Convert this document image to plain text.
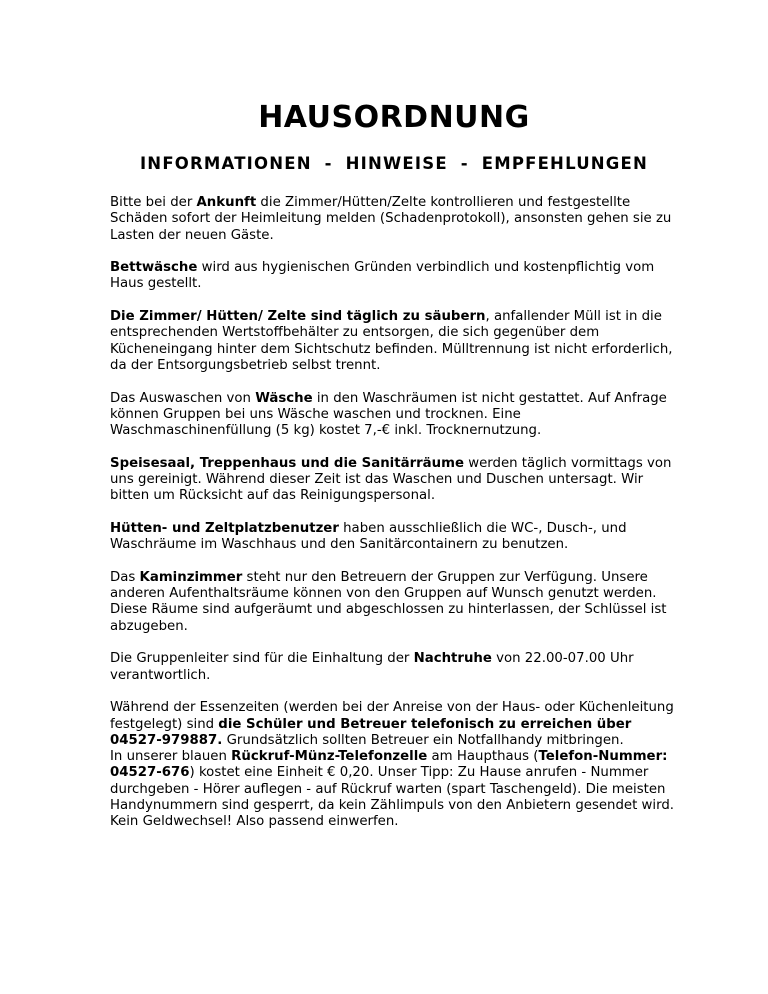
HAUSORDNUNG
INFORMATIONEN - HINWEISE - EMPFEHLUNGEN

Bitte bei der Ankunft die Zimmer/Hütten/Zelte kontrollieren und festgestellte Schäden sofort der Heimleitung melden (Schadenprotokoll), ansonsten gehen sie zu Lasten der neuen Gäste.

Bettwäsche wird aus hygienischen Gründen verbindlich und kostenpflichtig vom Haus gestellt.

Die Zimmer/ Hütten/ Zelte sind täglich zu säubern, anfallender Müll ist in die entsprechenden Wertstoffbehälter zu entsorgen, die sich gegenüber dem Kücheneingang hinter dem Sichtschutz befinden. Mülltrennung ist nicht erforderlich, da der Entsorgungsbetrieb selbst trennt.

Das Auswaschen von Wäsche in den Waschräumen ist nicht gestattet. Auf Anfrage können Gruppen bei uns Wäsche waschen und trocknen. Eine Waschmaschinenfüllung (5 kg) kostet 7,-€ inkl. Trocknernutzung.

Speisesaal, Treppenhaus und die Sanitärräume werden täglich vormittags von uns gereinigt. Während dieser Zeit ist das Waschen und Duschen untersagt. Wir bitten um Rücksicht auf das Reinigungspersonal.

Hütten- und Zeltplatzbenutzer haben ausschließlich die WC-, Dusch-, und Waschräume im Waschhaus und den Sanitärcontainern zu benutzen.

Das Kaminzimmer steht nur den Betreuern der Gruppen zur Verfügung. Unsere anderen Aufenthaltsräume können von den Gruppen auf Wunsch genutzt werden. Diese Räume sind aufgeräumt und abgeschlossen zu hinterlassen, der Schlüssel ist abzugeben.

Die Gruppenleiter sind für die Einhaltung der Nachtruhe von 22.00-07.00 Uhr verantwortlich.

Während der Essenzeiten (werden bei der Anreise von der Haus- oder Küchenleitung festgelegt) sind die Schüler und Betreuer telefonisch zu erreichen über 04527-979887. Grundsätzlich sollten Betreuer ein Notfallhandy mitbringen.

In unserer blauen Rückruf-Münz-Telefonzelle am Haupthaus (Telefon-Nummer: 04527-676) kostet eine Einheit € 0,20. Unser Tipp: Zu Hause anrufen - Nummer durchgeben - Hörer auflegen - auf Rückruf warten (spart Taschengeld). Die meisten Handynummern sind gesperrt, da kein Zählimpuls von den Anbietern gesendet wird. Kein Geldwechsel! Also passend einwerfen.
